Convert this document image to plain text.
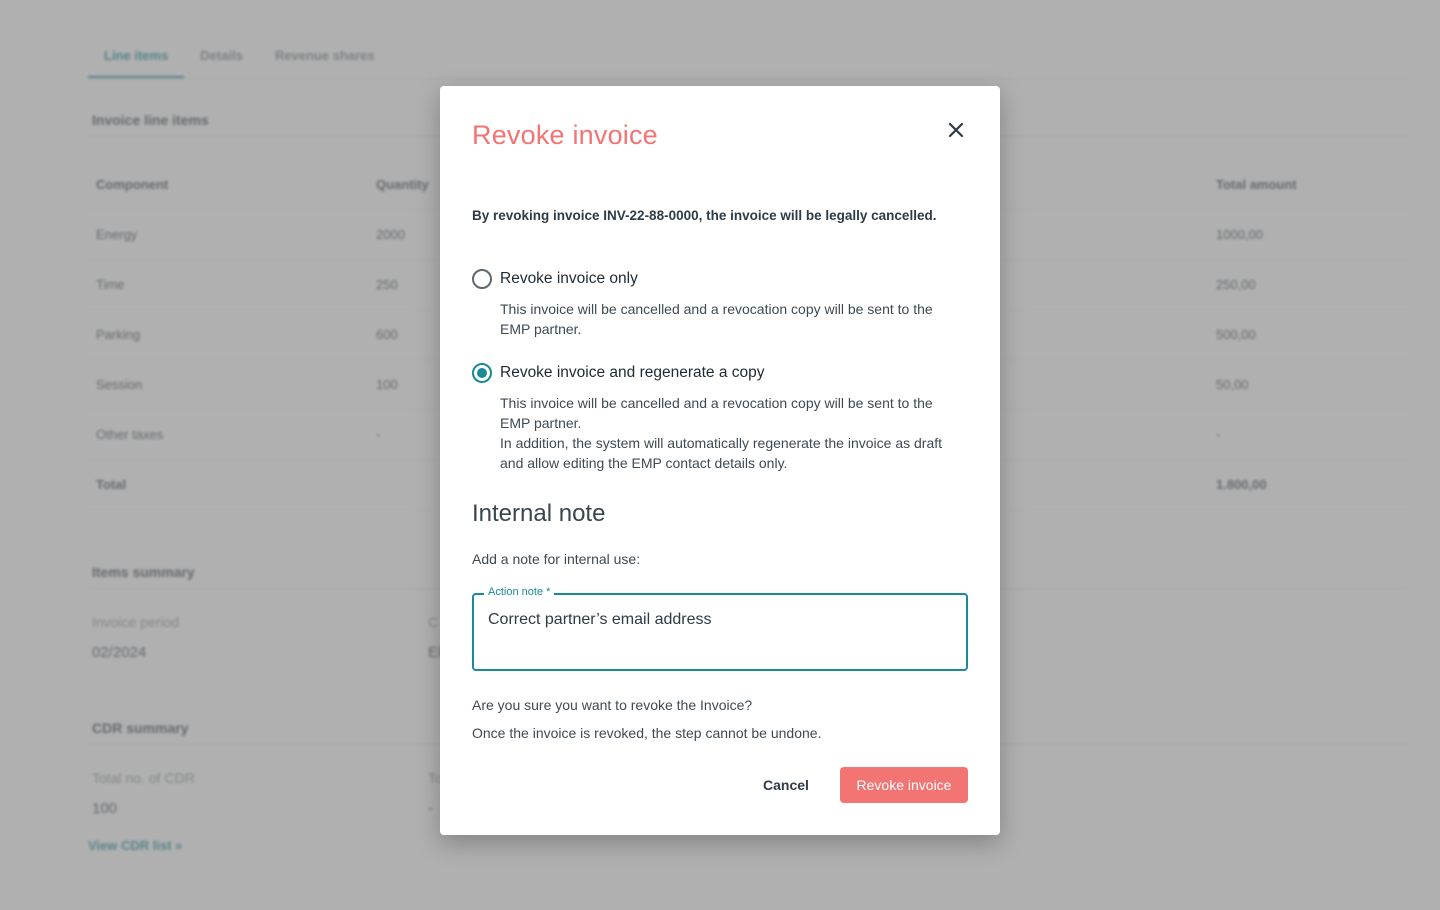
Revoke invoice
By revoking invoice INV-22-88-0000, the invoice will be legally cancelled.
Revoke invoice only
This invoice will be cancelled and a revocation copy will be sent to the EMP partner.
Revoke invoice and regenerate a copy
This invoice will be cancelled and a revocation copy will be sent to the EMP partner.
In addition, the system will automatically regenerate the invoice as draft and allow editing the EMP contact details only.
Internal note
Add a note for internal use:
Action note *
Correct partner’s email address
Are you sure you want to revoke the Invoice?
Once the invoice is revoked, the step cannot be undone.
Cancel	Revoke invoice
